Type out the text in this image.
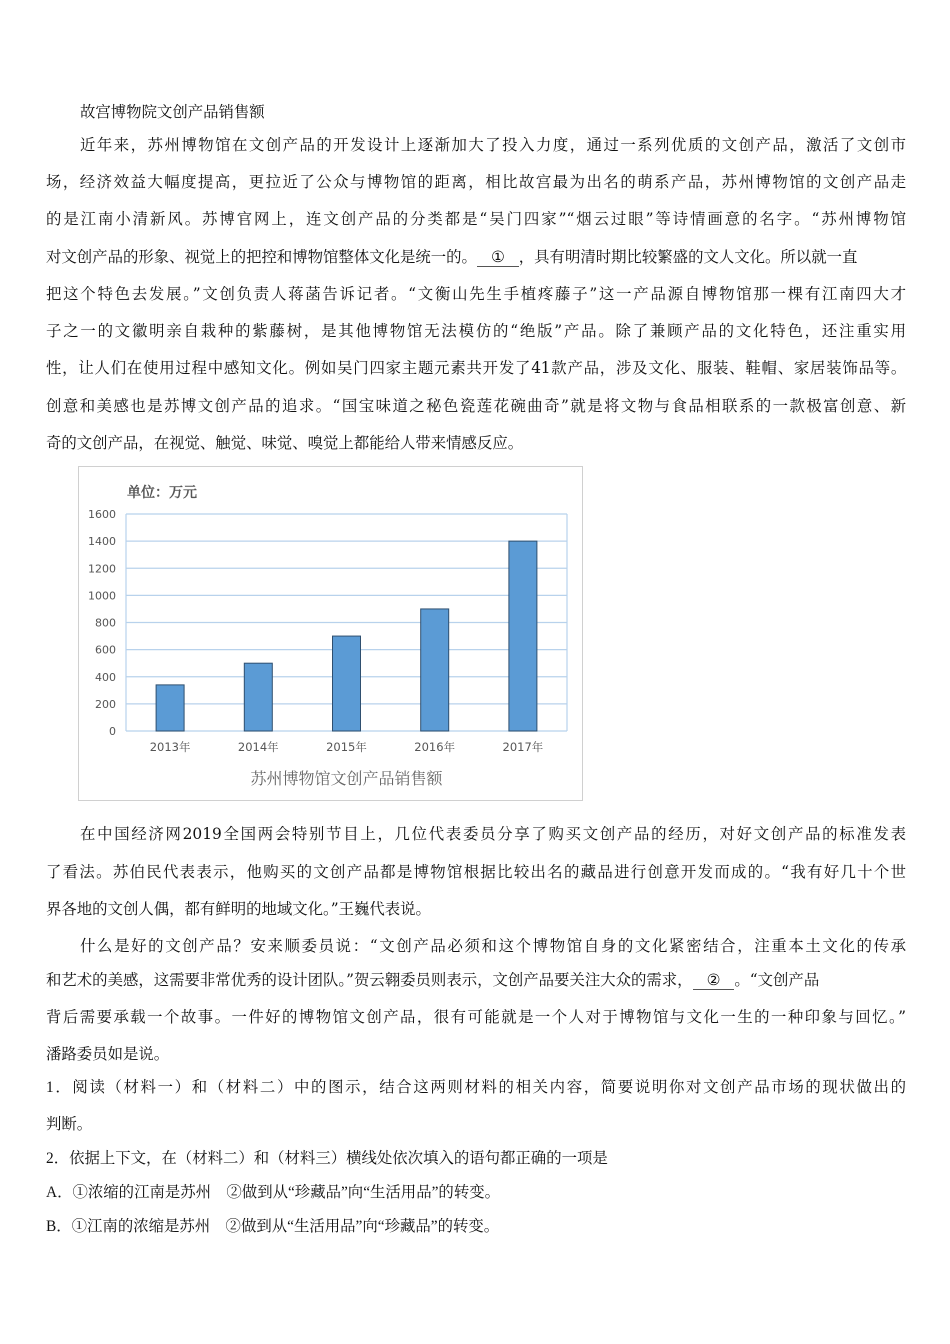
故宫博物院文创产品销售额
近年来，苏州博物馆在文创产品的开发设计上逐渐加大了投入力度，通过一系列优质的文创产品，激活了文创市
场，经济效益大幅度提高，更拉近了公众与博物馆的距离，相比故宫最为出名的萌系产品，苏州博物馆的文创产品走
的是江南小清新风。苏博官网上，连文创产品的分类都是“吴门四家”“烟云过眼”等诗情画意的名字。“苏州博物馆
对文创产品的形象、视觉上的把控和博物馆整体文化是统一的。 ① ，具有明清时期比较繁盛的文人文化。所以就一直
把这个特色去发展。”文创负责人蒋菡告诉记者。“文衡山先生手植疼藤子”这一产品源自博物馆那一棵有江南四大才
子之一的文徽明亲自栽种的紫藤树，是其他博物馆无法模仿的“绝版”产品。除了兼顾产品的文化特色，还注重实用
性，让人们在使用过程中感知文化。例如吴门四家主题元素共开发了41款产品，涉及文化、服装、鞋帽、家居装饰品等。
创意和美感也是苏博文创产品的追求。“国宝味道之秘色瓷莲花碗曲奇”就是将文物与食品相联系的一款极富创意、新
奇的文创产品，在视觉、触觉、味觉、嗅觉上都能给人带来情感反应。
单位：万元
0
200
400
600
800
1000
1200
1400
1600
2013年	2014年	2015年	2016年	2017年
苏州博物馆文创产品销售额
在中国经济网2019全国两会特别节目上，几位代表委员分享了购买文创产品的经历，对好文创产品的标准发表
了看法。苏伯民代表表示，他购买的文创产品都是博物馆根据比较出名的藏品进行创意开发而成的。“我有好几十个世
界各地的文创人偶，都有鲜明的地域文化。”王巍代表说。
什么是好的文创产品？安来顺委员说：“文创产品必须和这个博物馆自身的文化紧密结合，注重本土文化的传承
和艺术的美感，这需要非常优秀的设计团队。”贺云翱委员则表示，文创产品要关注大众的需求， ② 。“文创产品
背后需要承载一个故事。一件好的博物馆文创产品，很有可能就是一个人对于博物馆与文化一生的一种印象与回忆。”
潘路委员如是说。
1．阅读（材料一）和（材料二）中的图示，结合这两则材料的相关内容，简要说明你对文创产品市场的现状做出的
判断。
2．依据上下文，在（材料二）和（材料三）横线处依次填入的语句都正确的一项是
A．①浓缩的江南是苏州　②做到从“珍藏品”向“生活用品”的转变。
B．①江南的浓缩是苏州　②做到从“生活用品”向“珍藏品”的转变。
